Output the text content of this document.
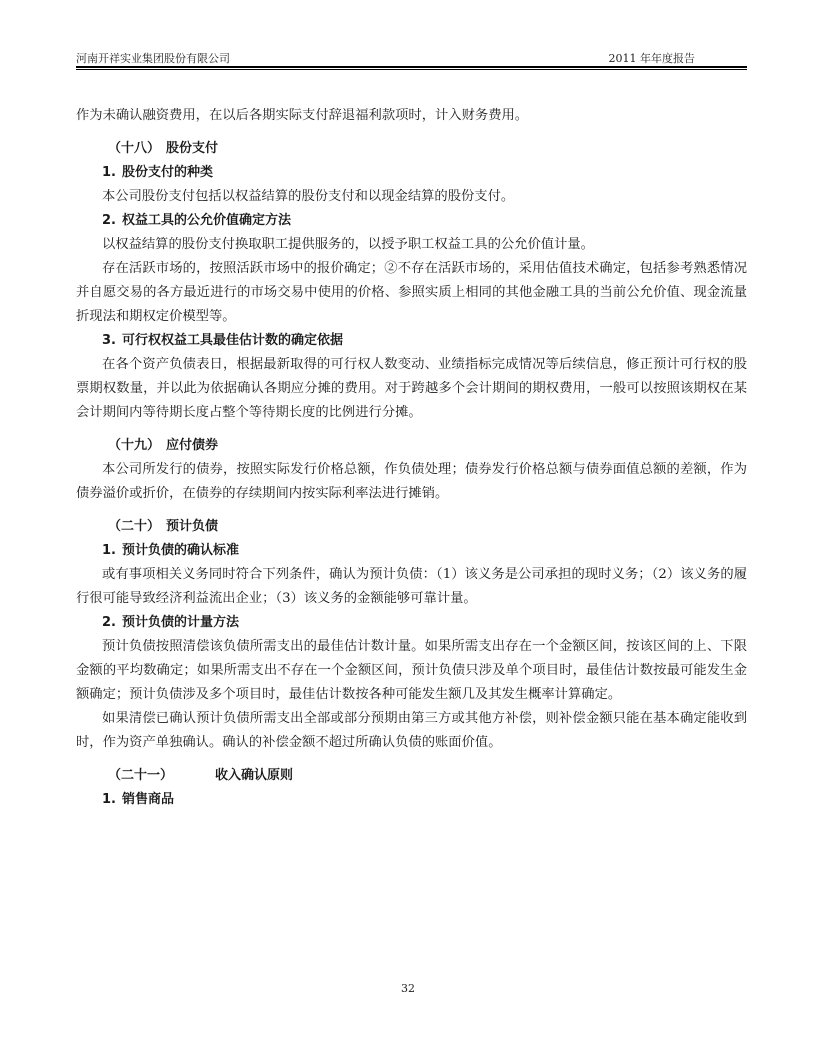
河南开祥实业集团股份有限公司	2011 年年度报告

作为未确认融资费用，在以后各期实际支付辞退福利款项时，计入财务费用。

（十八） 股份支付

1. 股份支付的种类

本公司股份支付包括以权益结算的股份支付和以现金结算的股份支付。

2. 权益工具的公允价值确定方法

以权益结算的股份支付换取职工提供服务的，以授予职工权益工具的公允价值计量。

存在活跃市场的，按照活跃市场中的报价确定；②不存在活跃市场的，采用估值技术确定，包括参考熟悉情况并自愿交易的各方最近进行的市场交易中使用的价格、参照实质上相同的其他金融工具的当前公允价值、现金流量折现法和期权定价模型等。

3. 可行权权益工具最佳估计数的确定依据

在各个资产负债表日，根据最新取得的可行权人数变动、业绩指标完成情况等后续信息，修正预计可行权的股票期权数量，并以此为依据确认各期应分摊的费用。对于跨越多个会计期间的期权费用，一般可以按照该期权在某会计期间内等待期长度占整个等待期长度的比例进行分摊。

（十九） 应付债券

本公司所发行的债券，按照实际发行价格总额，作负债处理；债券发行价格总额与债券面值总额的差额，作为债券溢价或折价，在债券的存续期间内按实际利率法进行摊销。

（二十） 预计负债

1. 预计负债的确认标准

或有事项相关义务同时符合下列条件，确认为预计负债：（1）该义务是公司承担的现时义务；（2）该义务的履行很可能导致经济利益流出企业；（3）该义务的金额能够可靠计量。

2. 预计负债的计量方法

预计负债按照清偿该负债所需支出的最佳估计数计量。如果所需支出存在一个金额区间，按该区间的上、下限金额的平均数确定；如果所需支出不存在一个金额区间，预计负债只涉及单个项目时，最佳估计数按最可能发生金额确定；预计负债涉及多个项目时，最佳估计数按各种可能发生额几及其发生概率计算确定。

如果清偿已确认预计负债所需支出全部或部分预期由第三方或其他方补偿，则补偿金额只能在基本确定能收到时，作为资产单独确认。确认的补偿金额不超过所确认负债的账面价值。

（二十一）	收入确认原则

1. 销售商品

32
